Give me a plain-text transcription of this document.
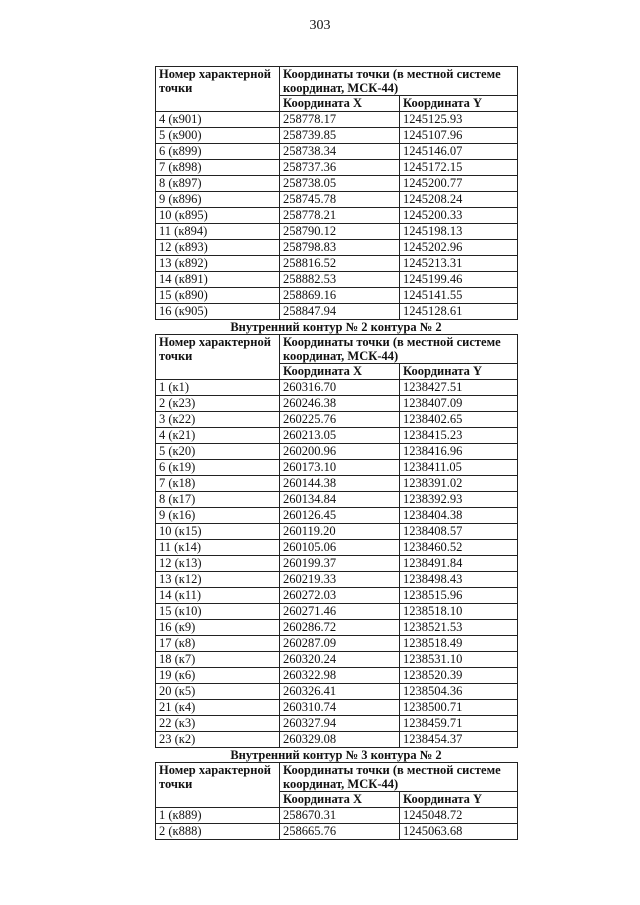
303
Номер характерной точки	Координаты точки (в местной системе координат, МСК-44)	
	Координата X	Координата Y
4 (к901)	258778.17	1245125.93
5 (к900)	258739.85	1245107.96
6 (к899)	258738.34	1245146.07
7 (к898)	258737.36	1245172.15
8 (к897)	258738.05	1245200.77
9 (к896)	258745.78	1245208.24
10 (к895)	258778.21	1245200.33
11 (к894)	258790.12	1245198.13
12 (к893)	258798.83	1245202.96
13 (к892)	258816.52	1245213.31
14 (к891)	258882.53	1245199.46
15 (к890)	258869.16	1245141.55
16 (к905)	258847.94	1245128.61
Внутренний контур № 2 контура № 2
Номер характерной точки	Координаты точки (в местной системе координат, МСК-44)	
	Координата X	Координата Y
1 (к1)	260316.70	1238427.51
2 (к23)	260246.38	1238407.09
3 (к22)	260225.76	1238402.65
4 (к21)	260213.05	1238415.23
5 (к20)	260200.96	1238416.96
6 (к19)	260173.10	1238411.05
7 (к18)	260144.38	1238391.02
8 (к17)	260134.84	1238392.93
9 (к16)	260126.45	1238404.38
10 (к15)	260119.20	1238408.57
11 (к14)	260105.06	1238460.52
12 (к13)	260199.37	1238491.84
13 (к12)	260219.33	1238498.43
14 (к11)	260272.03	1238515.96
15 (к10)	260271.46	1238518.10
16 (к9)	260286.72	1238521.53
17 (к8)	260287.09	1238518.49
18 (к7)	260320.24	1238531.10
19 (к6)	260322.98	1238520.39
20 (к5)	260326.41	1238504.36
21 (к4)	260310.74	1238500.71
22 (к3)	260327.94	1238459.71
23 (к2)	260329.08	1238454.37
Внутренний контур № 3 контура № 2
Номер характерной точки	Координаты точки (в местной системе координат, МСК-44)	
	Координата X	Координата Y
1 (к889)	258670.31	1245048.72
2 (к888)	258665.76	1245063.68
